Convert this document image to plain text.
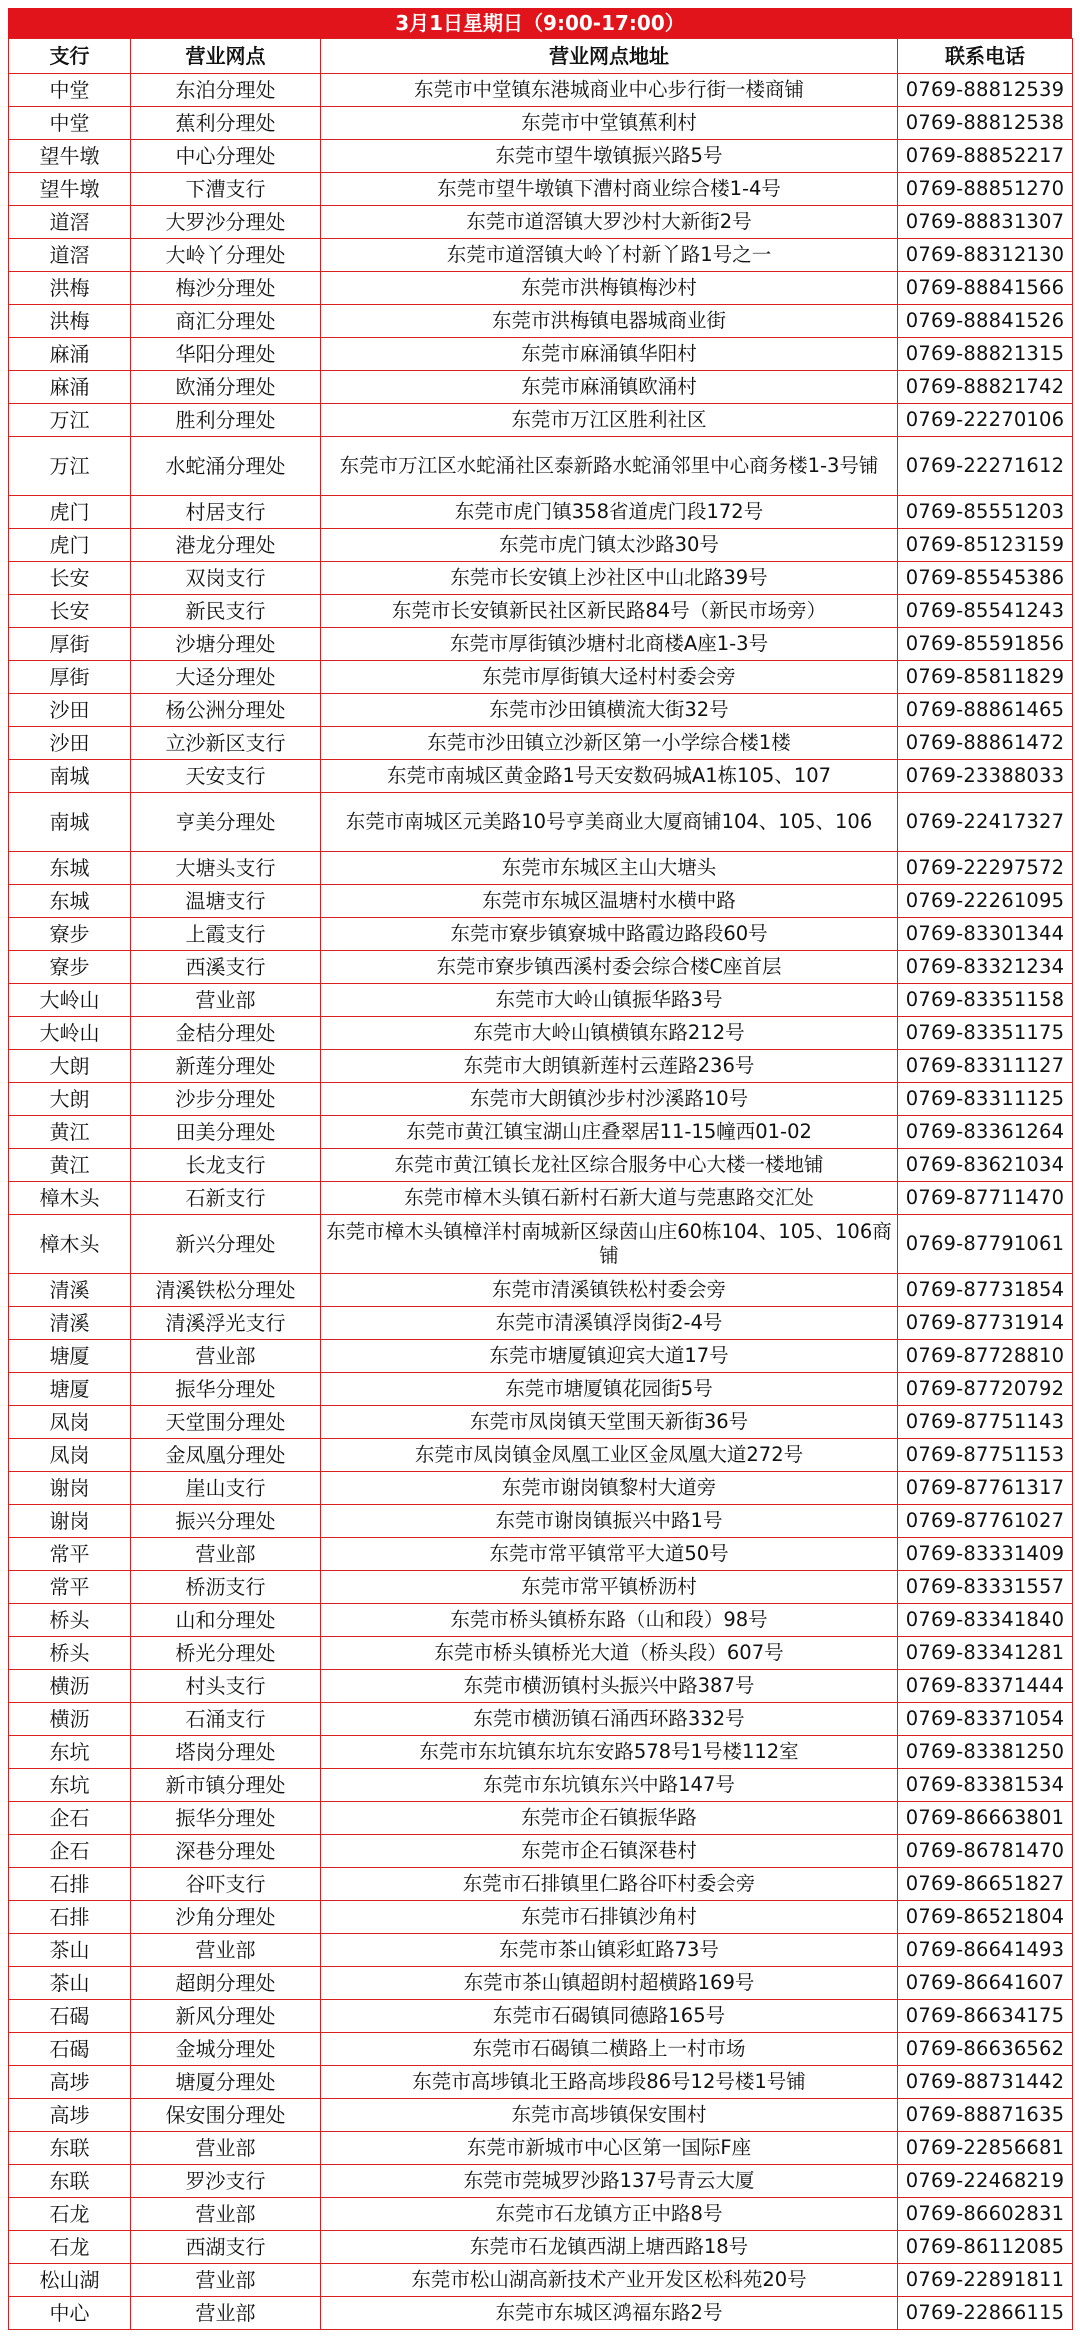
3月1日星期日（9:00-17:00）
支行	营业网点	营业网点地址	联系电话
中堂	东泊分理处	东莞市中堂镇东港城商业中心步行街一楼商铺	0769-88812539
中堂	蕉利分理处	东莞市中堂镇蕉利村	0769-88812538
望牛墩	中心分理处	东莞市望牛墩镇振兴路5号	0769-88852217
望牛墩	下漕支行	东莞市望牛墩镇下漕村商业综合楼1-4号	0769-88851270
道滘	大罗沙分理处	东莞市道滘镇大罗沙村大新街2号	0769-88831307
道滘	大岭丫分理处	东莞市道滘镇大岭丫村新丫路1号之一	0769-88312130
洪梅	梅沙分理处	东莞市洪梅镇梅沙村	0769-88841566
洪梅	商汇分理处	东莞市洪梅镇电器城商业街	0769-88841526
麻涌	华阳分理处	东莞市麻涌镇华阳村	0769-88821315
麻涌	欧涌分理处	东莞市麻涌镇欧涌村	0769-88821742
万江	胜利分理处	东莞市万江区胜利社区	0769-22270106
万江	水蛇涌分理处	东莞市万江区水蛇涌社区泰新路水蛇涌邻里中心商务楼1-3号铺	0769-22271612
虎门	村居支行	东莞市虎门镇358省道虎门段172号	0769-85551203
虎门	港龙分理处	东莞市虎门镇太沙路30号	0769-85123159
长安	双岗支行	东莞市长安镇上沙社区中山北路39号	0769-85545386
长安	新民支行	东莞市长安镇新民社区新民路84号（新民市场旁）	0769-85541243
厚街	沙塘分理处	东莞市厚街镇沙塘村北商楼A座1-3号	0769-85591856
厚街	大迳分理处	东莞市厚街镇大迳村村委会旁	0769-85811829
沙田	杨公洲分理处	东莞市沙田镇横流大街32号	0769-88861465
沙田	立沙新区支行	东莞市沙田镇立沙新区第一小学综合楼1楼	0769-88861472
南城	天安支行	东莞市南城区黄金路1号天安数码城A1栋105、107	0769-23388033
南城	亨美分理处	东莞市南城区元美路10号亨美商业大厦商铺104、105、106	0769-22417327
东城	大塘头支行	东莞市东城区主山大塘头	0769-22297572
东城	温塘支行	东莞市东城区温塘村水横中路	0769-22261095
寮步	上霞支行	东莞市寮步镇寮城中路霞边路段60号	0769-83301344
寮步	西溪支行	东莞市寮步镇西溪村委会综合楼C座首层	0769-83321234
大岭山	营业部	东莞市大岭山镇振华路3号	0769-83351158
大岭山	金桔分理处	东莞市大岭山镇横镇东路212号	0769-83351175
大朗	新莲分理处	东莞市大朗镇新莲村云莲路236号	0769-83311127
大朗	沙步分理处	东莞市大朗镇沙步村沙溪路10号	0769-83311125
黄江	田美分理处	东莞市黄江镇宝湖山庄叠翠居11-15幢西01-02	0769-83361264
黄江	长龙支行	东莞市黄江镇长龙社区综合服务中心大楼一楼地铺	0769-83621034
樟木头	石新支行	东莞市樟木头镇石新村石新大道与莞惠路交汇处	0769-87711470
樟木头	新兴分理处	东莞市樟木头镇樟洋村南城新区绿茵山庄60栋104、105、106商铺	0769-87791061
清溪	清溪铁松分理处	东莞市清溪镇铁松村委会旁	0769-87731854
清溪	清溪浮光支行	东莞市清溪镇浮岗街2-4号	0769-87731914
塘厦	营业部	东莞市塘厦镇迎宾大道17号	0769-87728810
塘厦	振华分理处	东莞市塘厦镇花园街5号	0769-87720792
凤岗	天堂围分理处	东莞市凤岗镇天堂围天新街36号	0769-87751143
凤岗	金凤凰分理处	东莞市凤岗镇金凤凰工业区金凤凰大道272号	0769-87751153
谢岗	崖山支行	东莞市谢岗镇黎村大道旁	0769-87761317
谢岗	振兴分理处	东莞市谢岗镇振兴中路1号	0769-87761027
常平	营业部	东莞市常平镇常平大道50号	0769-83331409
常平	桥沥支行	东莞市常平镇桥沥村	0769-83331557
桥头	山和分理处	东莞市桥头镇桥东路（山和段）98号	0769-83341840
桥头	桥光分理处	东莞市桥头镇桥光大道（桥头段）607号	0769-83341281
横沥	村头支行	东莞市横沥镇村头振兴中路387号	0769-83371444
横沥	石涌支行	东莞市横沥镇石涌西环路332号	0769-83371054
东坑	塔岗分理处	东莞市东坑镇东坑东安路578号1号楼112室	0769-83381250
东坑	新市镇分理处	东莞市东坑镇东兴中路147号	0769-83381534
企石	振华分理处	东莞市企石镇振华路	0769-86663801
企石	深巷分理处	东莞市企石镇深巷村	0769-86781470
石排	谷吓支行	东莞市石排镇里仁路谷吓村委会旁	0769-86651827
石排	沙角分理处	东莞市石排镇沙角村	0769-86521804
茶山	营业部	东莞市茶山镇彩虹路73号	0769-86641493
茶山	超朗分理处	东莞市茶山镇超朗村超横路169号	0769-86641607
石碣	新风分理处	东莞市石碣镇同德路165号	0769-86634175
石碣	金城分理处	东莞市石碣镇二横路上一村市场	0769-86636562
高埗	塘厦分理处	东莞市高埗镇北王路高埗段86号12号楼1号铺	0769-88731442
高埗	保安围分理处	东莞市高埗镇保安围村	0769-88871635
东联	营业部	东莞市新城市中心区第一国际F座	0769-22856681
东联	罗沙支行	东莞市莞城罗沙路137号青云大厦	0769-22468219
石龙	营业部	东莞市石龙镇方正中路8号	0769-86602831
石龙	西湖支行	东莞市石龙镇西湖上塘西路18号	0769-86112085
松山湖	营业部	东莞市松山湖高新技术产业开发区松科苑20号	0769-22891811
中心	营业部	东莞市东城区鸿福东路2号	0769-22866115
